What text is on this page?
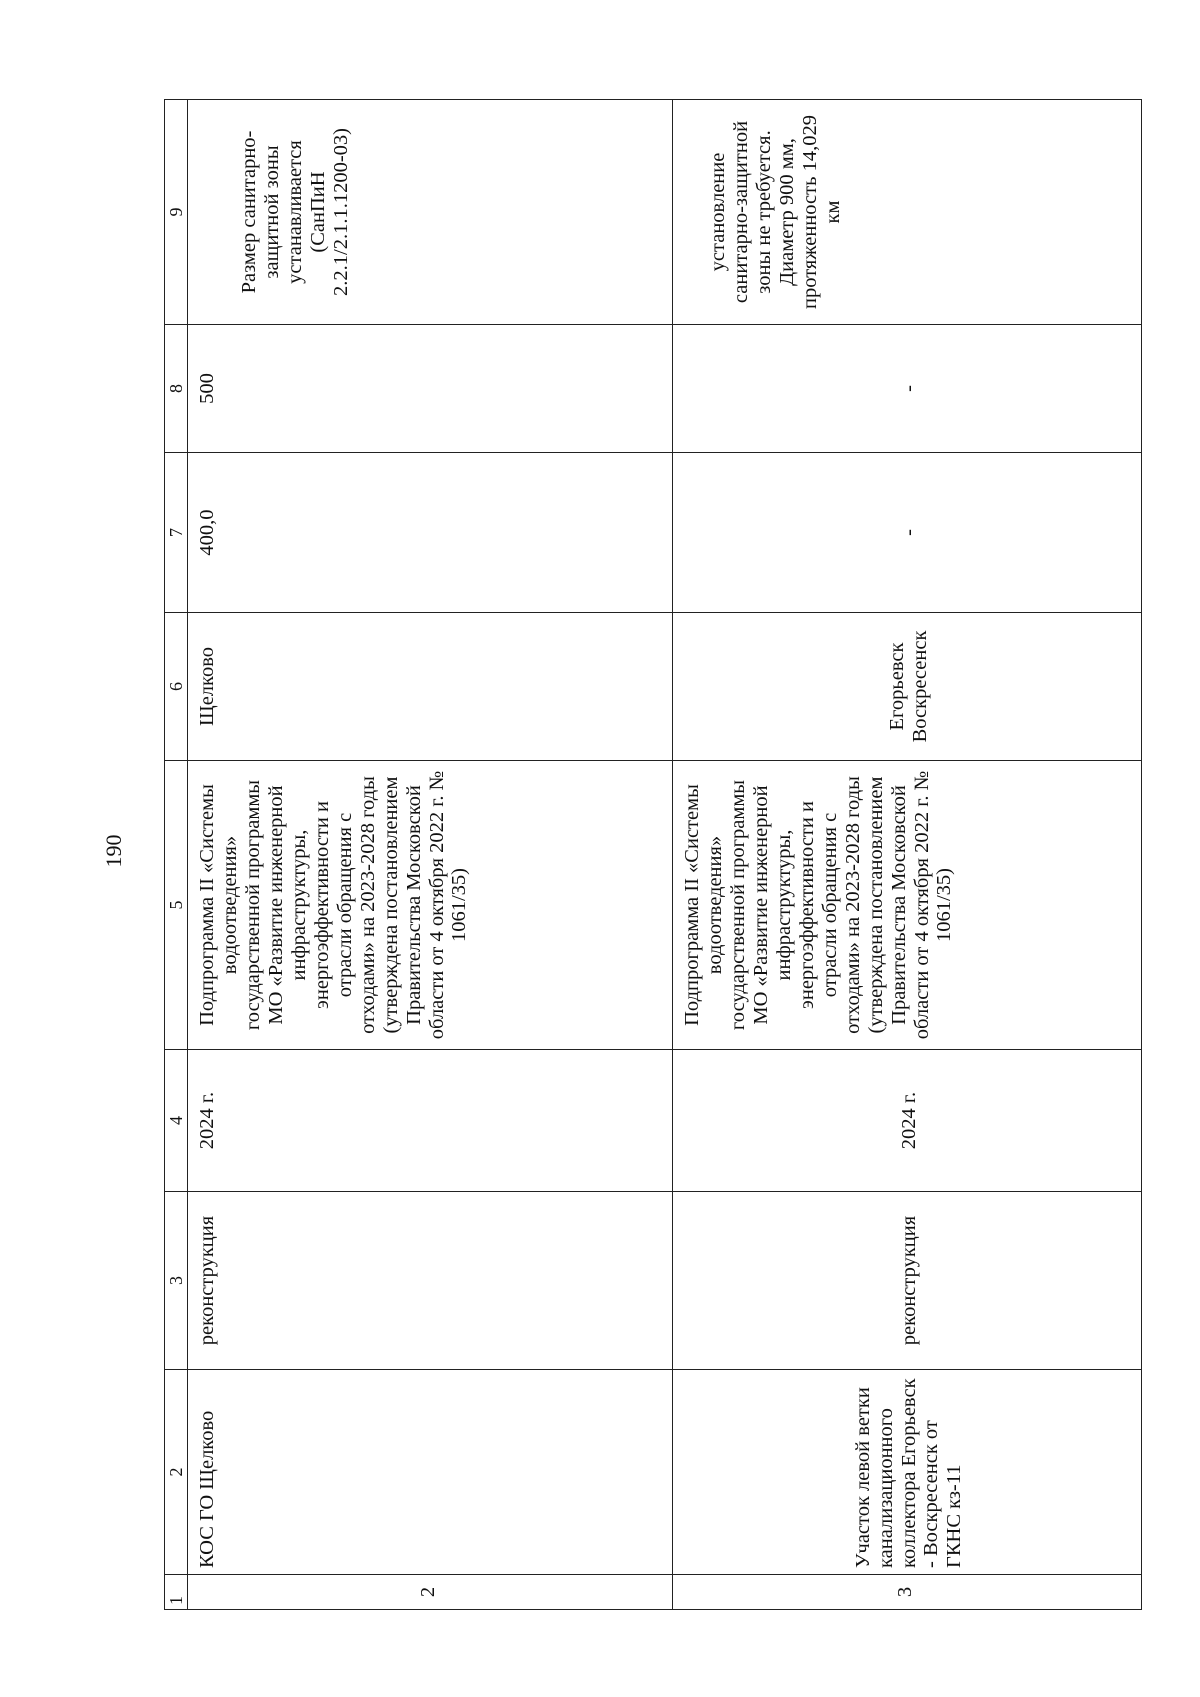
190
1	2	3	4	5	6	7	8	9
2	КОС ГО Щелково	реконструкция	2024 г.	Подпрограмма II «Системы водоотведения» государственной программы МО «Развитие инженерной инфраструктуры, энергоэффективности и отрасли обращения с отходами» на 2023-2028 годы (утверждена постановлением Правительства Московской области от 4 октября 2022 г. № 1061/35)	Щелково	400,0	500	Размер санитарно-защитной зоны устанавливается (СанПиН 2.2.1/2.1.1.1200-03)
3	Участок левой ветки канализационного коллектора Егорьевск - Воскресенск от ГКНС кз-11	реконструкция	2024 г.	Подпрограмма II «Системы водоотведения» государственной программы МО «Развитие инженерной инфраструктуры, энергоэффективности и отрасли обращения с отходами» на 2023-2028 годы (утверждена постановлением Правительства Московской области от 4 октября 2022 г. № 1061/35)	Егорьевск Воскресенск	-	-	установление санитарно-защитной зоны не требуется. Диаметр 900 мм, протяженность 14,029 км
